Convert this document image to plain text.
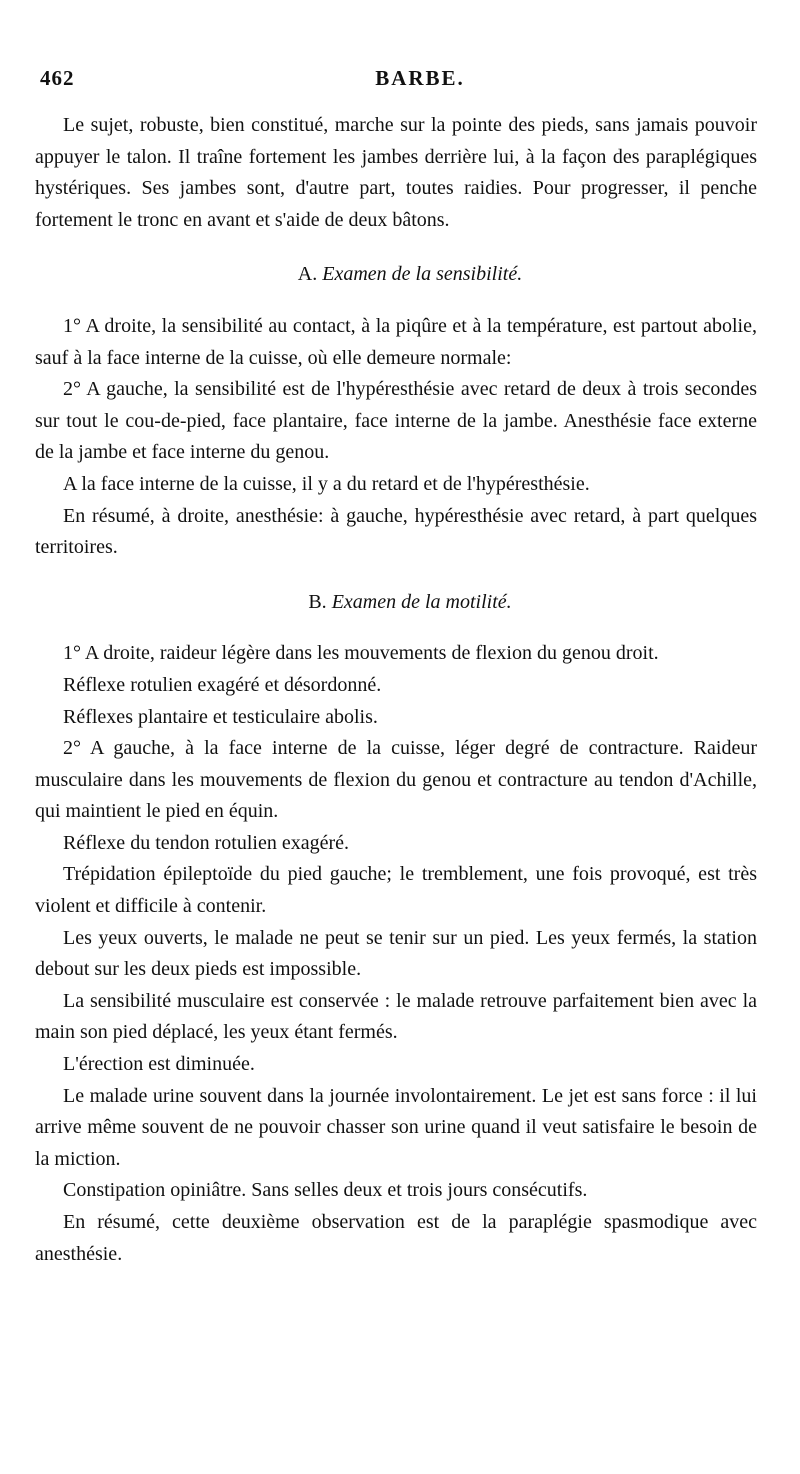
462	BARBE.

Le sujet, robuste, bien constitué, marche sur la pointe des pieds, sans jamais pouvoir appuyer le talon. Il traîne fortement les jambes derrière lui, à la façon des paraplégiques hystériques. Ses jambes sont, d'autre part, toutes raidies. Pour progresser, il penche fortement le tronc en avant et s'aide de deux bâtons.

A. Examen de la sensibilité.

1° A droite, la sensibilité au contact, à la piqûre et à la température, est partout abolie, sauf à la face interne de la cuisse, où elle demeure normale:

2° A gauche, la sensibilité est de l'hypéresthésie avec retard de deux à trois secondes sur tout le cou-de-pied, face plantaire, face interne de la jambe. Anesthésie face externe de la jambe et face interne du genou.

A la face interne de la cuisse, il y a du retard et de l'hypéresthésie.

En résumé, à droite, anesthésie: à gauche, hypéresthésie avec retard, à part quelques territoires.

B. Examen de la motilité.

1° A droite, raideur légère dans les mouvements de flexion du genou droit.

Réflexe rotulien exagéré et désordonné.

Réflexes plantaire et testiculaire abolis.

2° A gauche, à la face interne de la cuisse, léger degré de contracture. Raideur musculaire dans les mouvements de flexion du genou et contracture au tendon d'Achille, qui maintient le pied en équin.

Réflexe du tendon rotulien exagéré.

Trépidation épileptoïde du pied gauche; le tremblement, une fois provoqué, est très violent et difficile à contenir.

Les yeux ouverts, le malade ne peut se tenir sur un pied. Les yeux fermés, la station debout sur les deux pieds est impossible.

La sensibilité musculaire est conservée : le malade retrouve parfaitement bien avec la main son pied déplacé, les yeux étant fermés.

L'érection est diminuée.

Le malade urine souvent dans la journée involontairement. Le jet est sans force : il lui arrive même souvent de ne pouvoir chasser son urine quand il veut satisfaire le besoin de la miction.

Constipation opiniâtre. Sans selles deux et trois jours consécutifs.

En résumé, cette deuxième observation est de la paraplégie spasmodique avec anesthésie.
